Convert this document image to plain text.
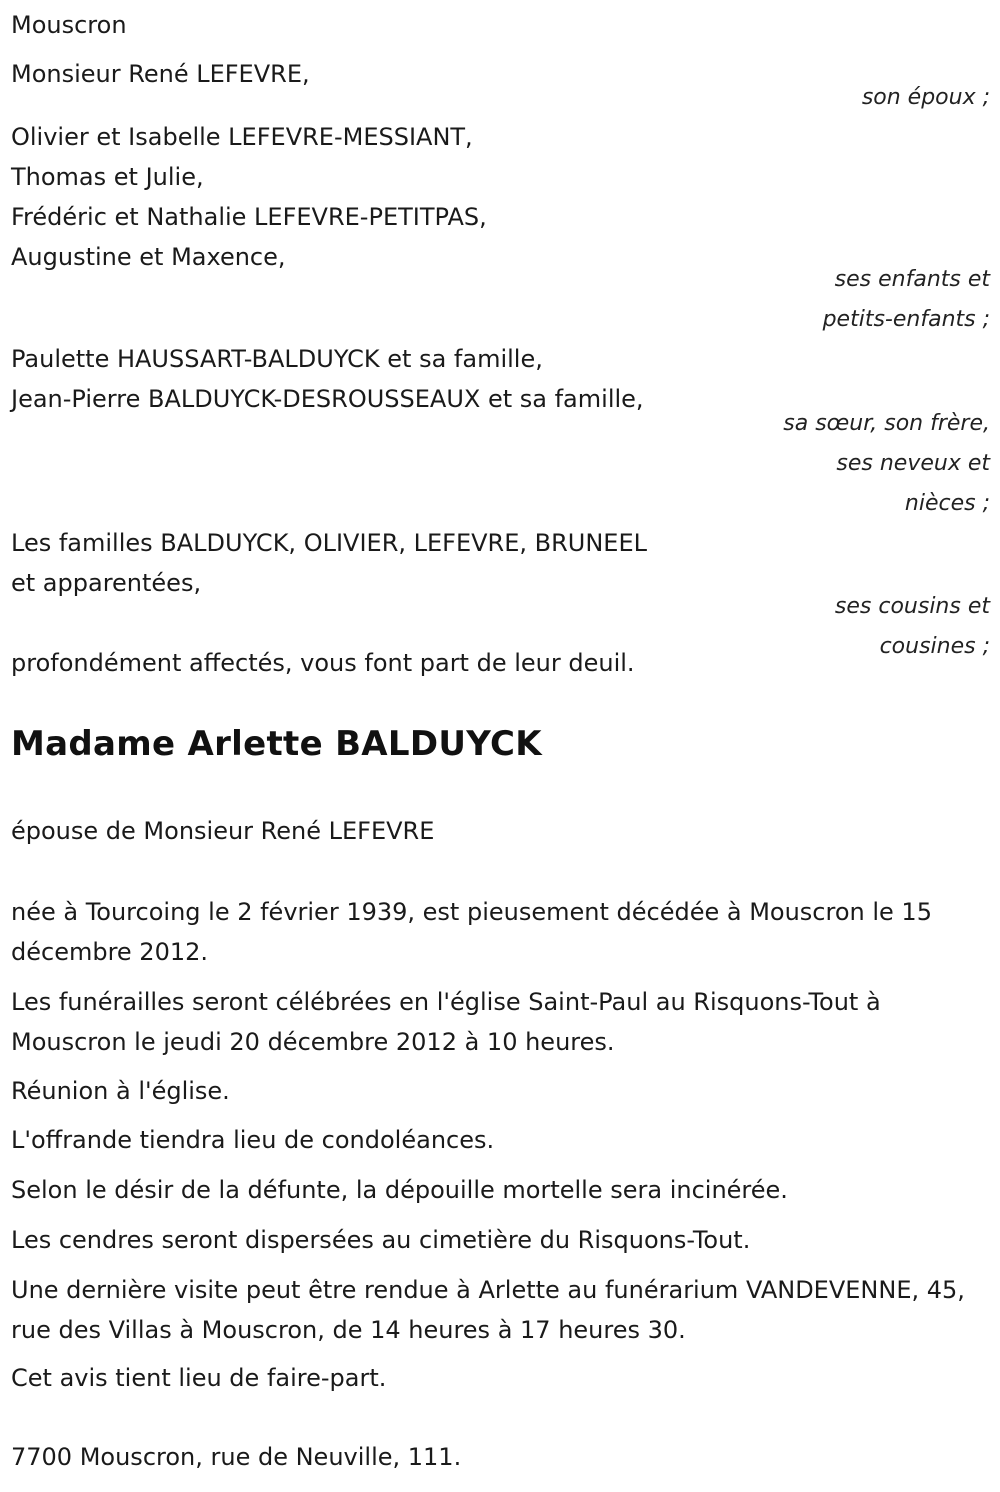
Mouscron
Monsieur René LEFEVRE,
son époux ;
Olivier et Isabelle LEFEVRE-MESSIANT,
Thomas et Julie,
Frédéric et Nathalie LEFEVRE-PETITPAS,
Augustine et Maxence,
ses enfants et
petits-enfants ;
Paulette HAUSSART-BALDUYCK et sa famille,
Jean-Pierre BALDUYCK-DESROUSSEAUX et sa famille,
sa sœur, son frère,
ses neveux et
nièces ;
Les familles BALDUYCK, OLIVIER, LEFEVRE, BRUNEEL
et apparentées,
ses cousins et
cousines ;
profondément affectés, vous font part de leur deuil.
Madame Arlette BALDUYCK
épouse de Monsieur René LEFEVRE

née à Tourcoing le 2 février 1939, est pieusement décédée à Mouscron le 15 décembre 2012.

Les funérailles seront célébrées en l'église Saint-Paul au Risquons-Tout à Mouscron le jeudi 20 décembre 2012 à 10 heures.

Réunion à l'église.

L'offrande tiendra lieu de condoléances.

Selon le désir de la défunte, la dépouille mortelle sera incinérée.

Les cendres seront dispersées au cimetière du Risquons-Tout.

Une dernière visite peut être rendue à Arlette au funérarium VANDEVENNE, 45, rue des Villas à Mouscron, de 14 heures à 17 heures 30.

Cet avis tient lieu de faire-part.

7700 Mouscron, rue de Neuville, 111.
